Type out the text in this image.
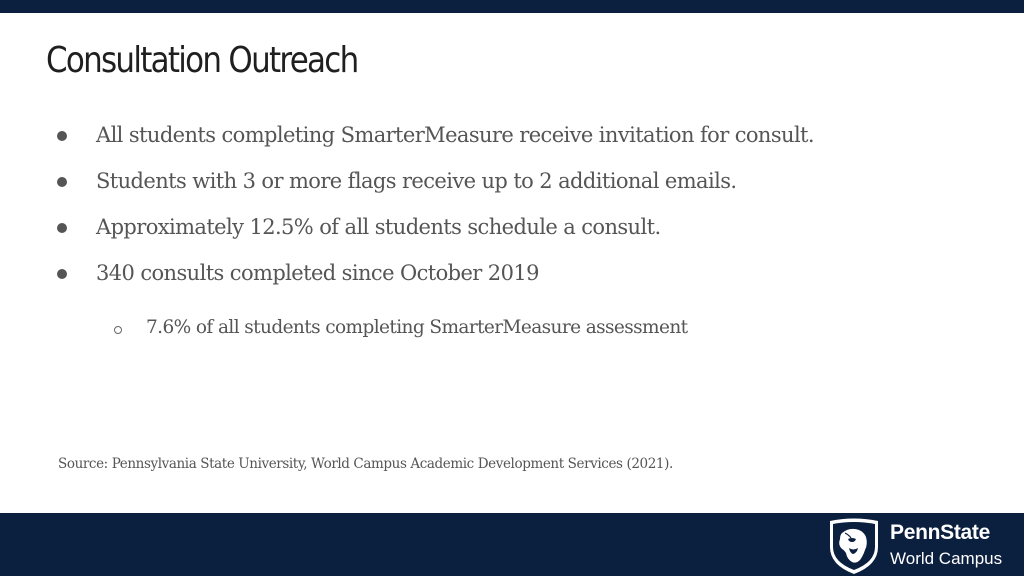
Consultation Outreach
All students completing SmarterMeasure receive invitation for consult.
Students with 3 or more flags receive up to 2 additional emails.
Approximately 12.5% of all students schedule a consult.
340 consults completed since October 2019
7.6% of all students completing SmarterMeasure assessment
Source: Pennsylvania State University, World Campus Academic Development Services (2021).
PennState
World Campus
